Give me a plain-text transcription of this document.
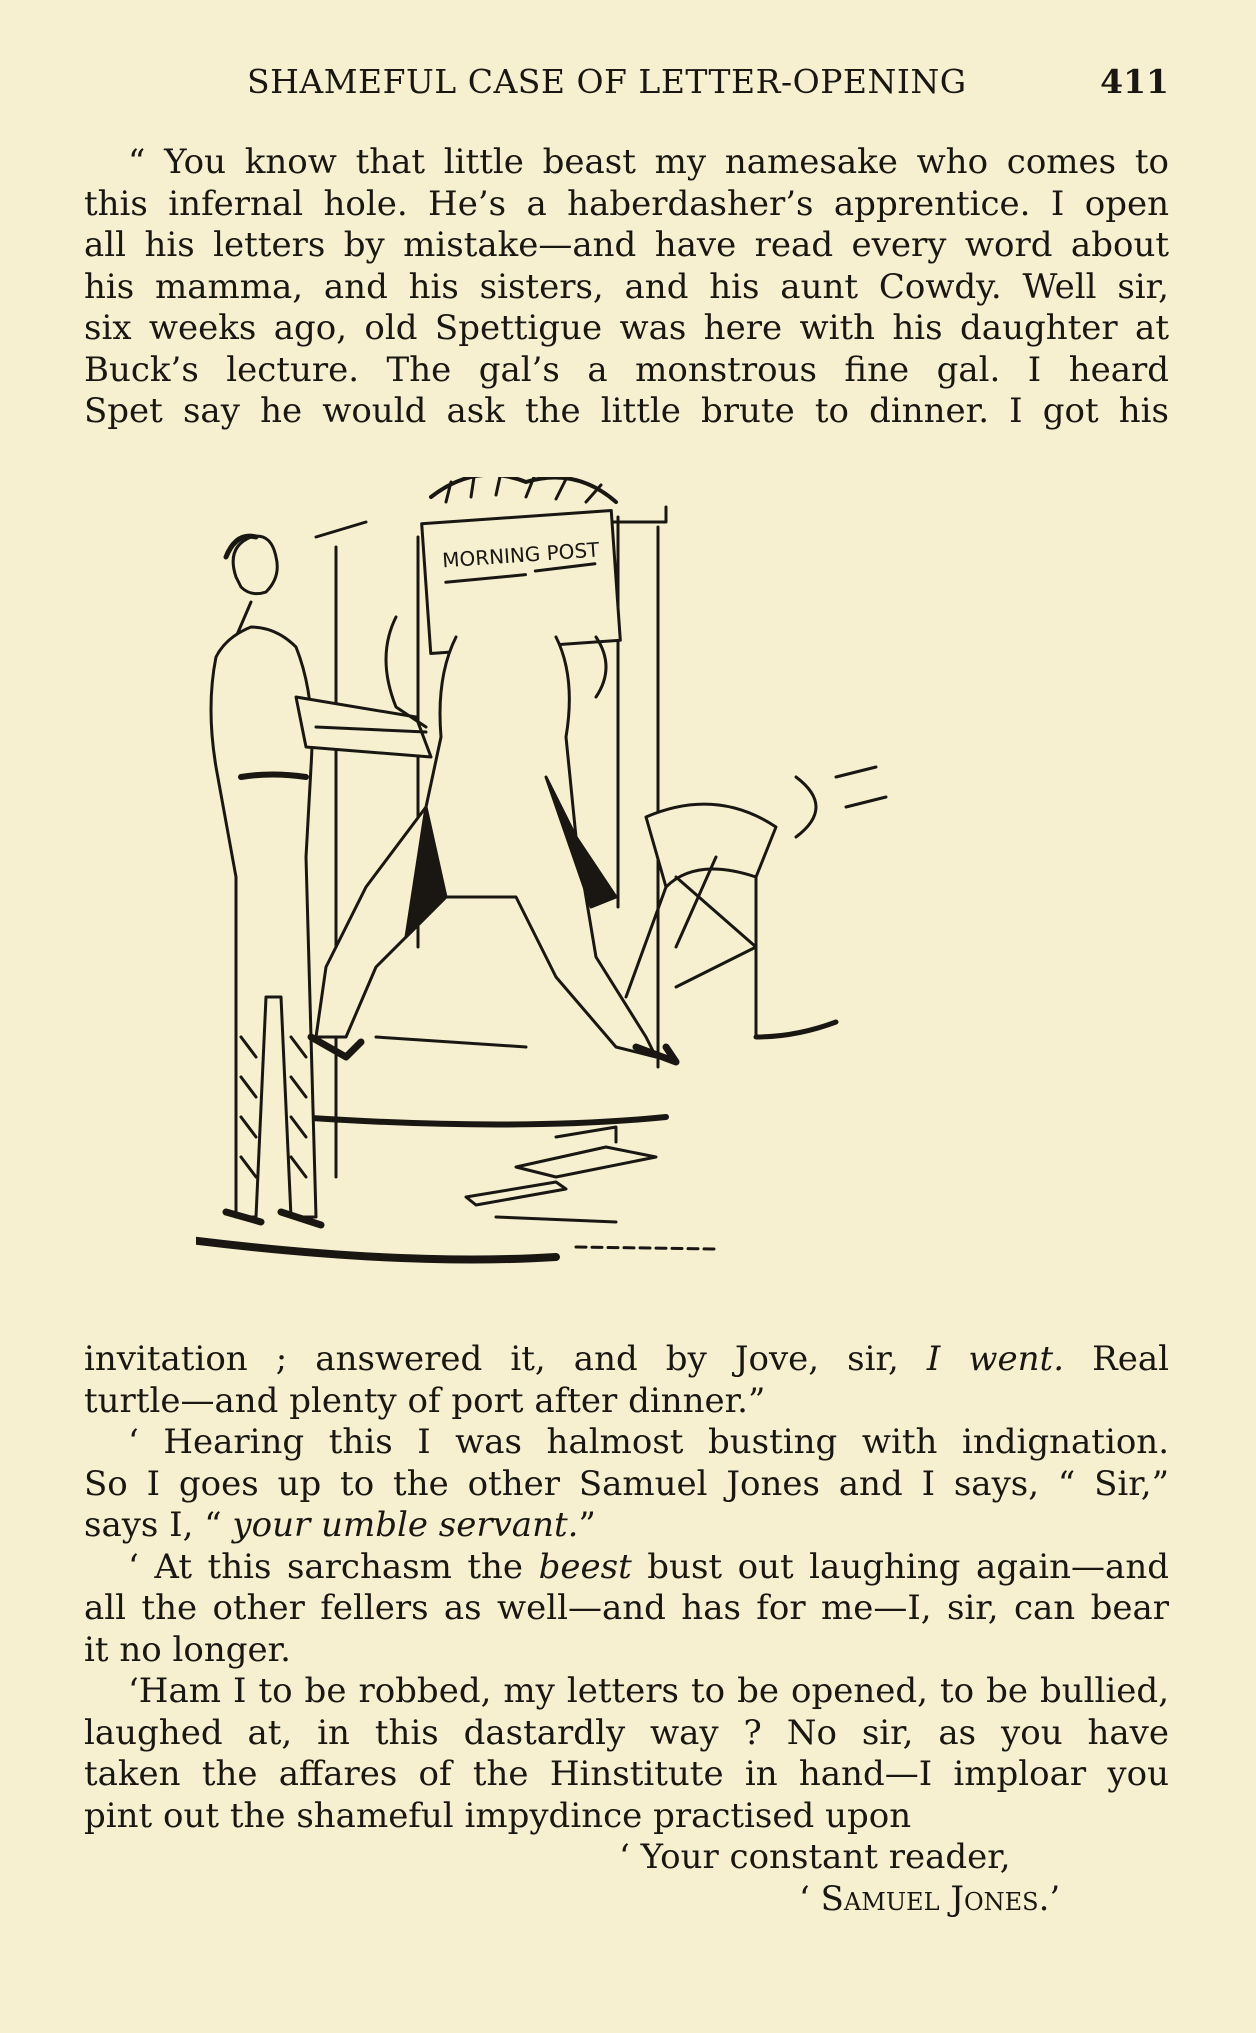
SHAMEFUL CASE OF LETTER-OPENING	411
“ You know that little beast my namesake who comes to
this infernal hole. He’s a haberdasher’s apprentice. I open
all his letters by mistake—and have read every word about
his mamma, and his sisters, and his aunt Cowdy. Well sir,
six weeks ago, old Spettigue was here with his daughter at
Buck’s lecture. The gal’s a monstrous fine gal. I heard
Spet say he would ask the little brute to dinner. I got his
MORNING POST
invitation ; answered it, and by Jove, sir, I went. Real
turtle—and plenty of port after dinner.”
‘ Hearing this I was halmost busting with indignation.
So I goes up to the other Samuel Jones and I says, “ Sir,”
says I, “ your umble servant.”
‘ At this sarchasm the beest bust out laughing again—and
all the other fellers as well—and has for me—I, sir, can bear
it no longer.
‘Ham I to be robbed, my letters to be opened, to be bullied,
laughed at, in this dastardly way ? No sir, as you have
taken the affares of the Hinstitute in hand—I imploar you
pint out the shameful impydince practised upon
‘ Your constant reader,
‘ Samuel Jones.’
